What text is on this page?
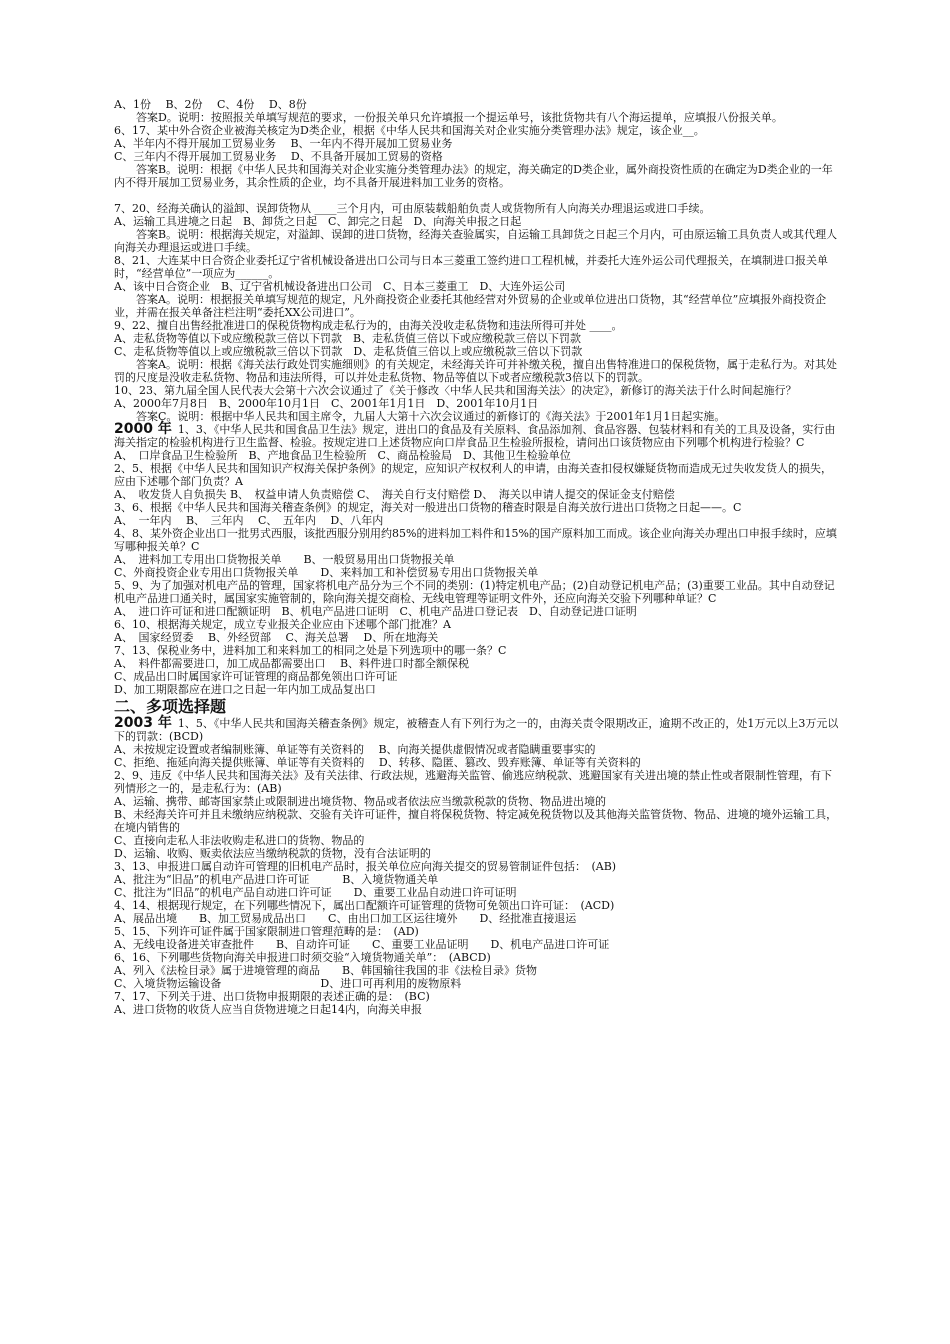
A、1份　 B、2份　 C、4份　 D、8份

　　答案D。说明：按照报关单填写规范的要求，一份报关单只允许填报一个提运单号，该批货物共有八个海运提单，应填报八份报关单。

6、17、某中外合资企业被海关核定为D类企业，根据《中华人民共和国海关对企业实施分类管理办法》规定，该企业__。

A、半年内不得开展加工贸易业务　 B、一年内不得开展加工贸易业务

C、三年内不得开展加工贸易业务　 D、不具备开展加工贸易的资格

　　答案B。说明：根据《中华人民共和国海关对企业实施分类管理办法》的规定，海关确定的D类企业，属外商投资性质的在确定为D类企业的一年内不得开展加工贸易业务，其余性质的企业，均不具备开展进料加工业务的资格。

7、20、经海关确认的溢卸、误卸货物从 ____三个月内，可由原装载船舶负责人或货物所有人向海关办理退运或进口手续。

A、运输工具进境之日起　B、卸货之日起　C、卸完之日起　D、向海关申报之日起

　　答案B。说明：根据海关规定，对溢卸、误卸的进口货物，经海关查验属实，自运输工具卸货之日起三个月内，可由原运输工具负责人或其代理人向海关办理退运或进口手续。

8、21、大连某中日合资企业委托辽宁省机械设备进出口公司与日本三菱重工签约进口工程机械，并委托大连外运公司代理报关，在填制进口报关单时，“经营单位”一项应为______。

A、该中日合资企业　B、辽宁省机械设备进出口公司　C、日本三菱重工　D、大连外运公司

　　答案A。说明：根据报关单填写规范的规定，凡外商投资企业委托其他经营对外贸易的企业或单位进出口货物，其“经营单位”应填报外商投资企业，并需在报关单备注栏注明“委托XX公司进口”。

9、22、擅自出售经批准进口的保税货物构成走私行为的，由海关没收走私货物和违法所得可并处 ____。

A、走私货物等值以下或应缴税款三倍以下罚款　B、走私货值三倍以下或应缴税款三倍以下罚款

C、走私货物等值以上或应缴税款三倍以下罚款　D、走私货值三倍以上或应缴税款三倍以下罚款

　　答案A。说明：根据《海关法行政处罚实施细则》的有关规定，未经海关许可并补缴关税，擅自出售特准进口的保税货物，属于走私行为。对其处罚的尺度是没收走私货物、物品和违法所得，可以并处走私货物、物品等值以下或者应缴税款3倍以下的罚款。

10、23、第九届全国人民代表大会第十六次会议通过了《关于修改〈中华人民共和国海关法〉的决定》，新修订的海关法于什么时间起施行？

A、2000年7月8日　B、2000年10月1日　C、2001年1月1日　D、2001年10月1日

　　答案C。说明：根据中华人民共和国主席令，九届人大第十六次会议通过的新修订的《海关法》于2001年1月1日起实施。

2000 年 1、3、《中华人民共和国食品卫生法》规定，进出口的食品及有关原料、食品添加剂、食品容器、包装材料和有关的工具及设备，实行由海关指定的检验机构进行卫生监督、检验。按规定进口上述货物应向口岸食品卫生检验所报检，请问出口该货物应由下列哪个机构进行检验？C

A、　口岸食品卫生检验所　B、产地食品卫生检验所　C、商品检验局　D、其他卫生检验单位

2、5、根据《中华人民共和国知识产权海关保护条例》的规定，应知识产权权利人的申请，由海关查扣侵权嫌疑货物而造成无过失收发货人的损失，应由下述哪个部门负责？A

A、　收发货人自负损失 B、　权益申请人负责赔偿 C、　海关自行支付赔偿 D、　海关以申请人提交的保证金支付赔偿

3、6、根据《中华人民共和国海关稽查条例》的规定，海关对一般进出口货物的稽查时限是自海关放行进出口货物之日起——。C

A、　一年内　 B、　三年内　 C、　五年内　 D、八年内

4、8、某外资企业出口一批男式西服，该批西服分别用约85%的进料加工料件和15%的国产原料加工而成。该企业向海关办理出口申报手续时，应填写哪种报关单？C

A、　进料加工专用出口货物报关单　　B、一般贸易用出口货物报关单

C、外商投资企业专用出口货物报关单　　D、来料加工和补偿贸易专用出口货物报关单

5、9、为了加强对机电产品的管理，国家将机电产品分为三个不同的类别：(1)特定机电产品；(2)自动登记机电产品；(3)重要工业品。其中自动登记机电产品进口通关时，属国家实施管制的，除向海关提交商检、无线电管理等证明文件外，还应向海关交验下列哪种单证？C

A、　进口许可证和进口配额证明　B、机电产品进口证明　C、机电产品进口登记表　D、自动登记进口证明

6、10、根据海关规定，成立专业报关企业应由下述哪个部门批准？A

A、　国家经贸委　 B、外经贸部　 C、海关总署　 D、所在地海关

7、13、保税业务中，进料加工和来料加工的相同之处是下列选项中的哪一条？C

A、　料件都需要进口，加工成品都需要出口　 B、料件进口时都全额保税

C、成品出口时属国家许可证管理的商品都免领出口许可证

D、加工期限都应在进口之日起一年内加工成品复出口

二、多项选择题
2003 年 1、5、《中华人民共和国海关稽查条例》规定，被稽查人有下列行为之一的，由海关责令限期改正，逾期不改正的，处1万元以上3万元以下的罚款：(BCD)

A、未按规定设置或者编制账簿、单证等有关资料的　 B、向海关提供虚假情况或者隐瞒重要事实的

C、拒绝、拖延向海关提供账簿、单证等有关资料的　 D、转移、隐匿、篡改、毁弃账簿、单证等有关资料的

2、9、违反《中华人民共和国海关法》及有关法律、行政法规，逃避海关监管、偷逃应纳税款、逃避国家有关进出境的禁止性或者限制性管理，有下列情形之一的，是走私行为：(AB)

A、运输、携带、邮寄国家禁止或限制进出境货物、物品或者依法应当缴款税款的货物、物品进出境的

B、未经海关许可并且未缴纳应纳税款、交验有关许可证件，擅自将保税货物、特定减免税货物以及其他海关监管货物、物品、进境的境外运输工具，在境内销售的

C、直接向走私人非法收购走私进口的货物、物品的

D、运输、收购、贩卖依法应当缴纳税款的货物，没有合法证明的

3、13、申报进口属自动许可管理的旧机电产品时，报关单位应向海关提交的贸易管制证件包括：　(AB)

A、批注为“旧品”的机电产品进口许可证　　　B、入境货物通关单

C、批注为“旧品”的机电产品自动进口许可证　　D、重要工业品自动进口许可证明

4、14、根据现行规定，在下列哪些情况下，属出口配额许可证管理的货物可免领出口许可证：　(ACD)

A、展品出境　　B、加工贸易成品出口　　C、由出口加工区运往境外　　D、经批准直接退运

5、15、下列许可证件属于国家限制进口管理范畴的是：　(AD)

A、无线电设备进关审查批件　　B、自动许可证　　C、重要工业品证明　　D、机电产品进口许可证

6、16、下列哪些货物向海关申报进口时须交验“入境货物通关单”：　(ABCD)

A、列入《法检目录》属于进境管理的商品　　B、韩国输往我国的非《法检目录》货物

C、入境货物运输设备　　　　　　　　　D、进口可再利用的废物原料

7、17、下列关于进、出口货物申报期限的表述正确的是：　(BC)

A、进口货物的收货人应当自货物进境之日起14内，向海关申报
